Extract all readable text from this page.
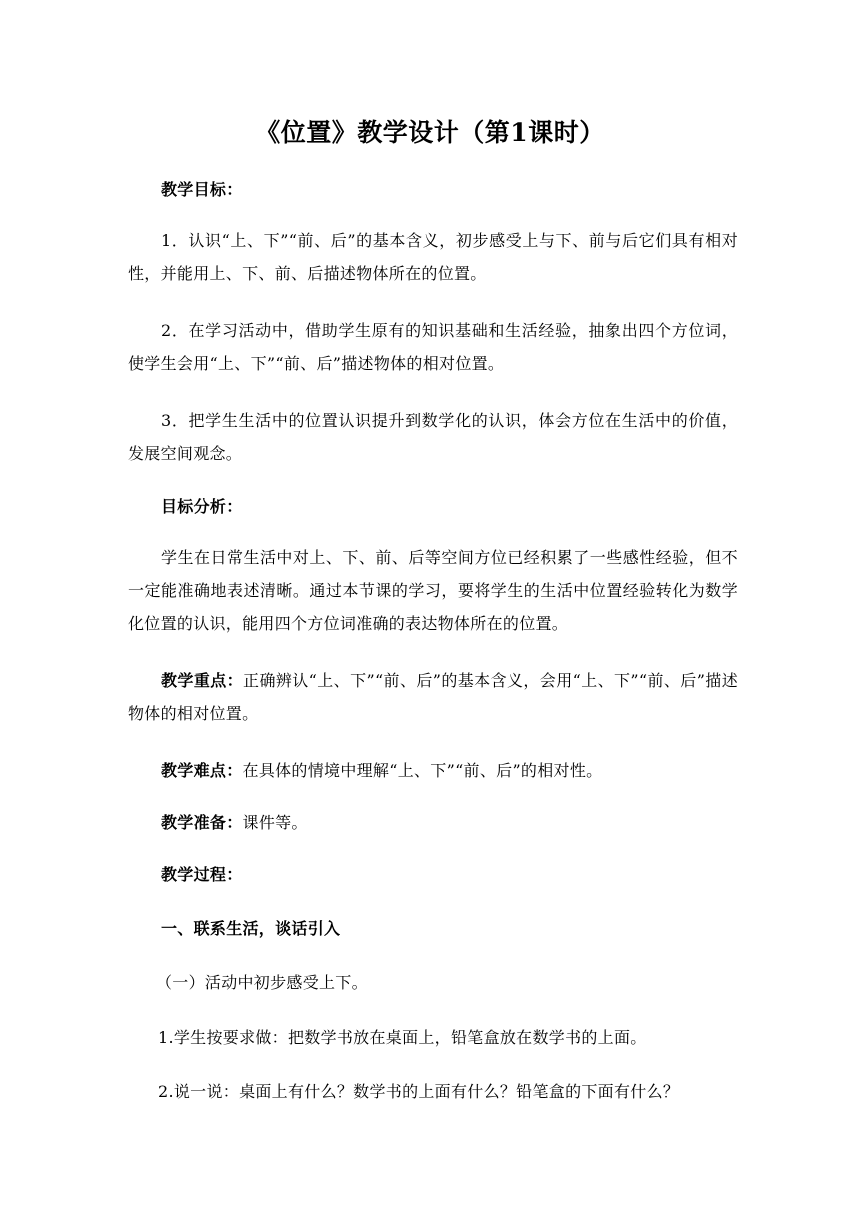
《位置》教学设计（第1课时）
教学目标：
1．认识“上、下”“前、后”的基本含义，初步感受上与下、前与后它们具有相对性，并能用上、下、前、后描述物体所在的位置。
2．在学习活动中，借助学生原有的知识基础和生活经验，抽象出四个方位词，使学生会用“上、下”“前、后”描述物体的相对位置。
3．把学生生活中的位置认识提升到数学化的认识，体会方位在生活中的价值，发展空间观念。
目标分析：
学生在日常生活中对上、下、前、后等空间方位已经积累了一些感性经验，但不一定能准确地表述清晰。通过本节课的学习，要将学生的生活中位置经验转化为数学化位置的认识，能用四个方位词准确的表达物体所在的位置。
教学重点：正确辨认“上、下”“前、后”的基本含义，会用“上、下”“前、后”描述物体的相对位置。
教学难点：在具体的情境中理解“上、下”“前、后”的相对性。
教学准备：课件等。
教学过程：
一、联系生活，谈话引入
（一）活动中初步感受上下。
1.学生按要求做：把数学书放在桌面上，铅笔盒放在数学书的上面。
2.说一说：桌面上有什么？数学书的上面有什么？铅笔盒的下面有什么？
